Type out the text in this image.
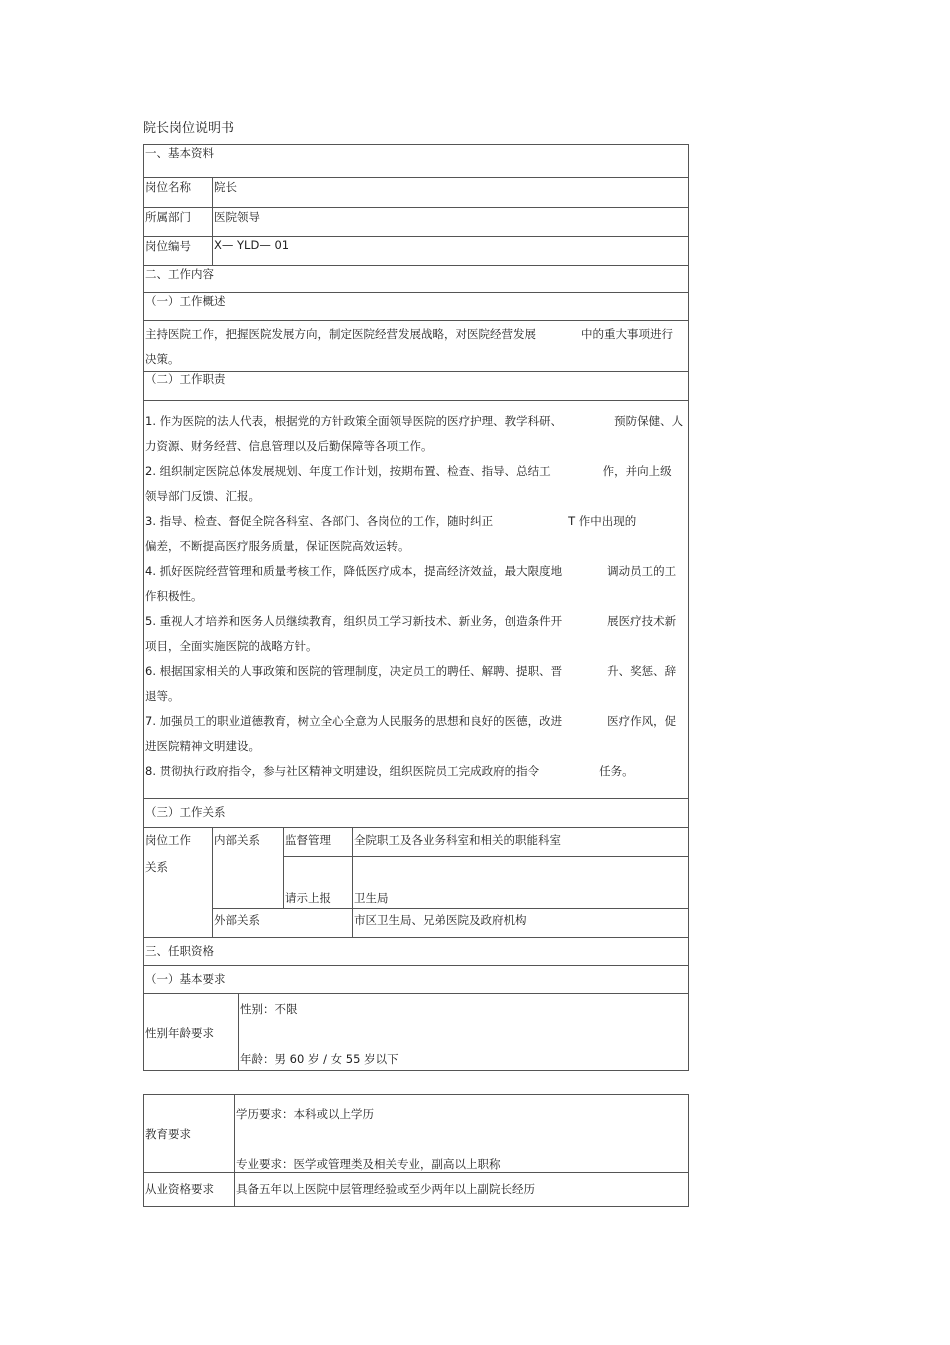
院长岗位说明书
一、基本资料
岗位名称 院长
所属部门 医院领导
岗位编号 X— YLD— 01
二、工作内容
（一）工作概述
主持医院工作，把握医院发展方向，制定医院经营发展战略，对医院经营发展	中的重大事项进行
决策。
（二）工作职责
1. 作为医院的法人代表，根据党的方针政策全面领导医院的医疗护理、教学科研、	预防保健、人
力资源、财务经营、信息管理以及后勤保障等各项工作。
2. 组织制定医院总体发展规划、年度工作计划，按期布置、检查、指导、总结工	作，并向上级
领导部门反馈、汇报。
3. 指导、检查、督促全院各科室、各部门、各岗位的工作，随时纠正	T 作中出现的
偏差，不断提高医疗服务质量，保证医院高效运转。
4. 抓好医院经营管理和质量考核工作，降低医疗成本，提高经济效益，最大限度地	调动员工的工
作积极性。
5. 重视人才培养和医务人员继续教育，组织员工学习新技术、新业务，创造条件开	展医疗技术新
项目，全面实施医院的战略方针。
6. 根据国家相关的人事政策和医院的管理制度，决定员工的聘任、解聘、提职、晋	升、奖惩、辞
退等。
7. 加强员工的职业道德教育，树立全心全意为人民服务的思想和良好的医德，改进	医疗作风，促
进医院精神文明建设。
8. 贯彻执行政府指令，参与社区精神文明建设，组织医院员工完成政府的指令	任务。
（三）工作关系
岗位工作
关系
内部关系 监督管理 全院职工及各业务科室和相关的职能科室
请示上报 卫生局
外部关系	市区卫生局、兄弟医院及政府机构
三、任职资格
（一）基本要求
性别年龄要求
性别：不限
年龄：男 60 岁 / 女 55 岁以下
教育要求
学历要求：本科或以上学历
专业要求：医学或管理类及相关专业，副高以上职称
从业资格要求 具备五年以上医院中层管理经验或至少两年以上副院长经历
